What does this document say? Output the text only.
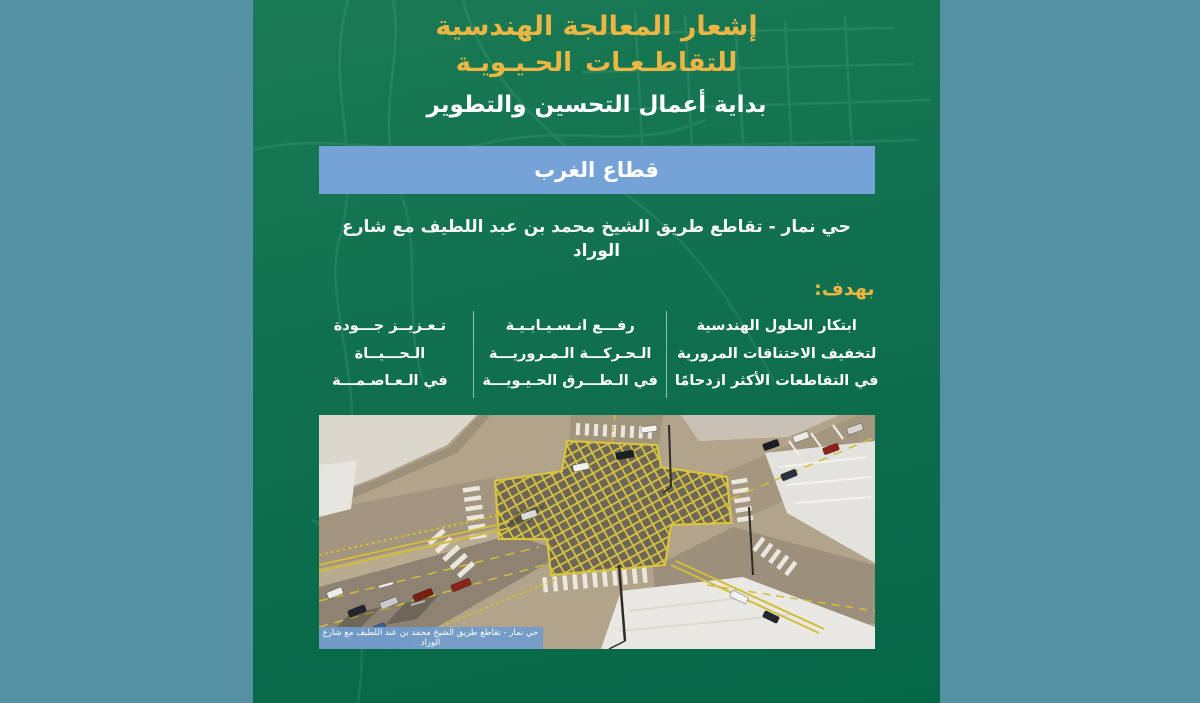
إشعار المعالجة الهندسية
للتقاطـعـات الحـيـويـة
بداية أعمال التحسين والتطوير
قطاع الغرب
حي نمار - تقاطع طريق الشيخ محمد بن عبد اللطيف مع شارع الوراد
بهدف:
ابتكار الحلول الهندسية
لتخفيف الاختناقات المرورية
في التقاطعات الأكثر ازدحامًا
رفـــع انـسـيـابـيـة
الـحـركـــة الـمـروريـــة
في الـطـــرق الحـيـويـــة
تـعـزيــز جـــودة
الـحـــيــاة
في الـعـاصـمـــة
حي نمار - تقاطع طريق الشيخ محمد بن عبد اللطيف مع شارع الوراد
